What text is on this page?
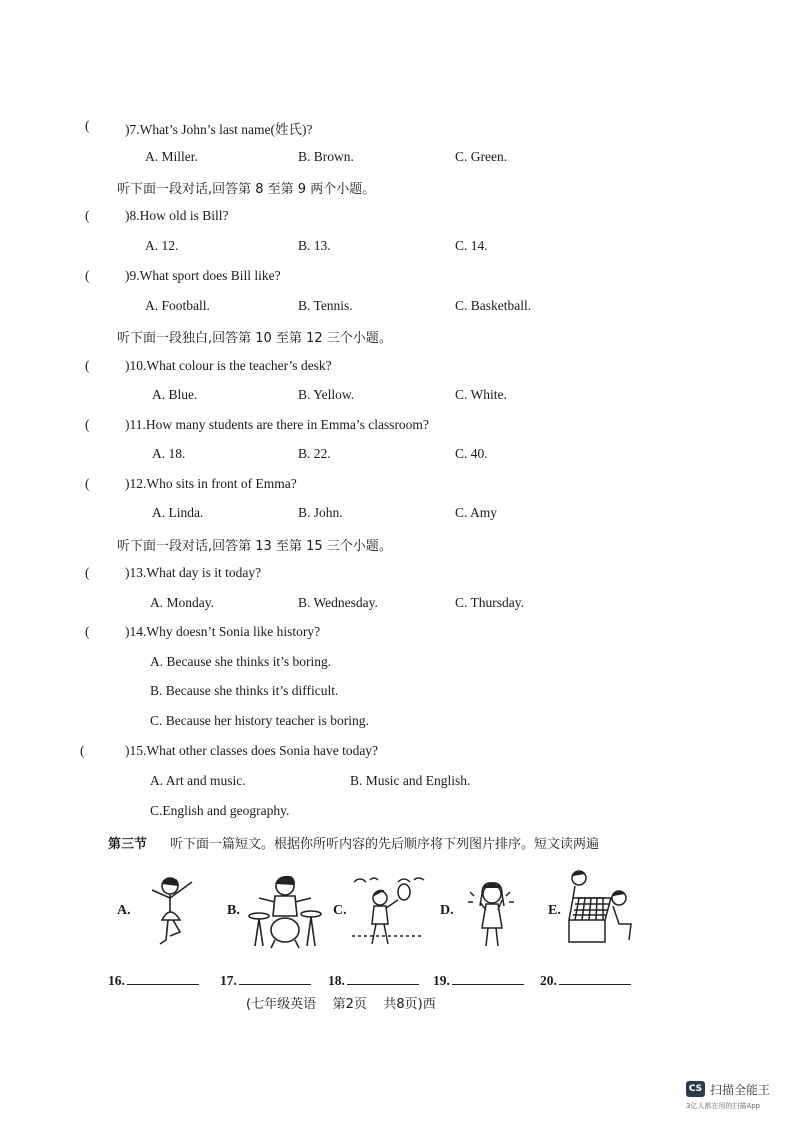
(	)7.What’s John’s last name(姓氏)?
A. Miller.	B. Brown.	C. Green.
听下面一段对话,回答第 8 至第 9 两个小题。
(	)8.How old is Bill?
A. 12.	B. 13.	C. 14.
(	)9.What sport does Bill like?
A. Football.	B. Tennis.	C. Basketball.
听下面一段独白,回答第 10 至第 12 三个小题。
(	)10.What colour is the teacher’s desk?
A. Blue.	B. Yellow.	C. White.
(	)11.How many students are there in Emma’s classroom?
A. 18.	B. 22.	C. 40.
(	)12.Who sits in front of Emma?
A. Linda.	B. John.	C. Amy
听下面一段对话,回答第 13 至第 15 三个小题。
(	)13.What day is it today?
A. Monday.	B. Wednesday.	C. Thursday.
(	)14.Why doesn’t Sonia like history?
A. Because she thinks it’s boring.
B. Because she thinks it’s difficult.
C. Because her history teacher is boring.
(	)15.What other classes does Sonia have today?
A. Art and music.	B. Music and English.
C.English and geography.
第三节 听下面一篇短文。根据你所听内容的先后顺序将下列图片排序。短文读两遍
A.	B.	C.	D.	E.
16.	17.	18.	19.	20.
(七年级英语    第2页    共8页)西
CS 扫描全能王
3亿人都在用的扫描App
